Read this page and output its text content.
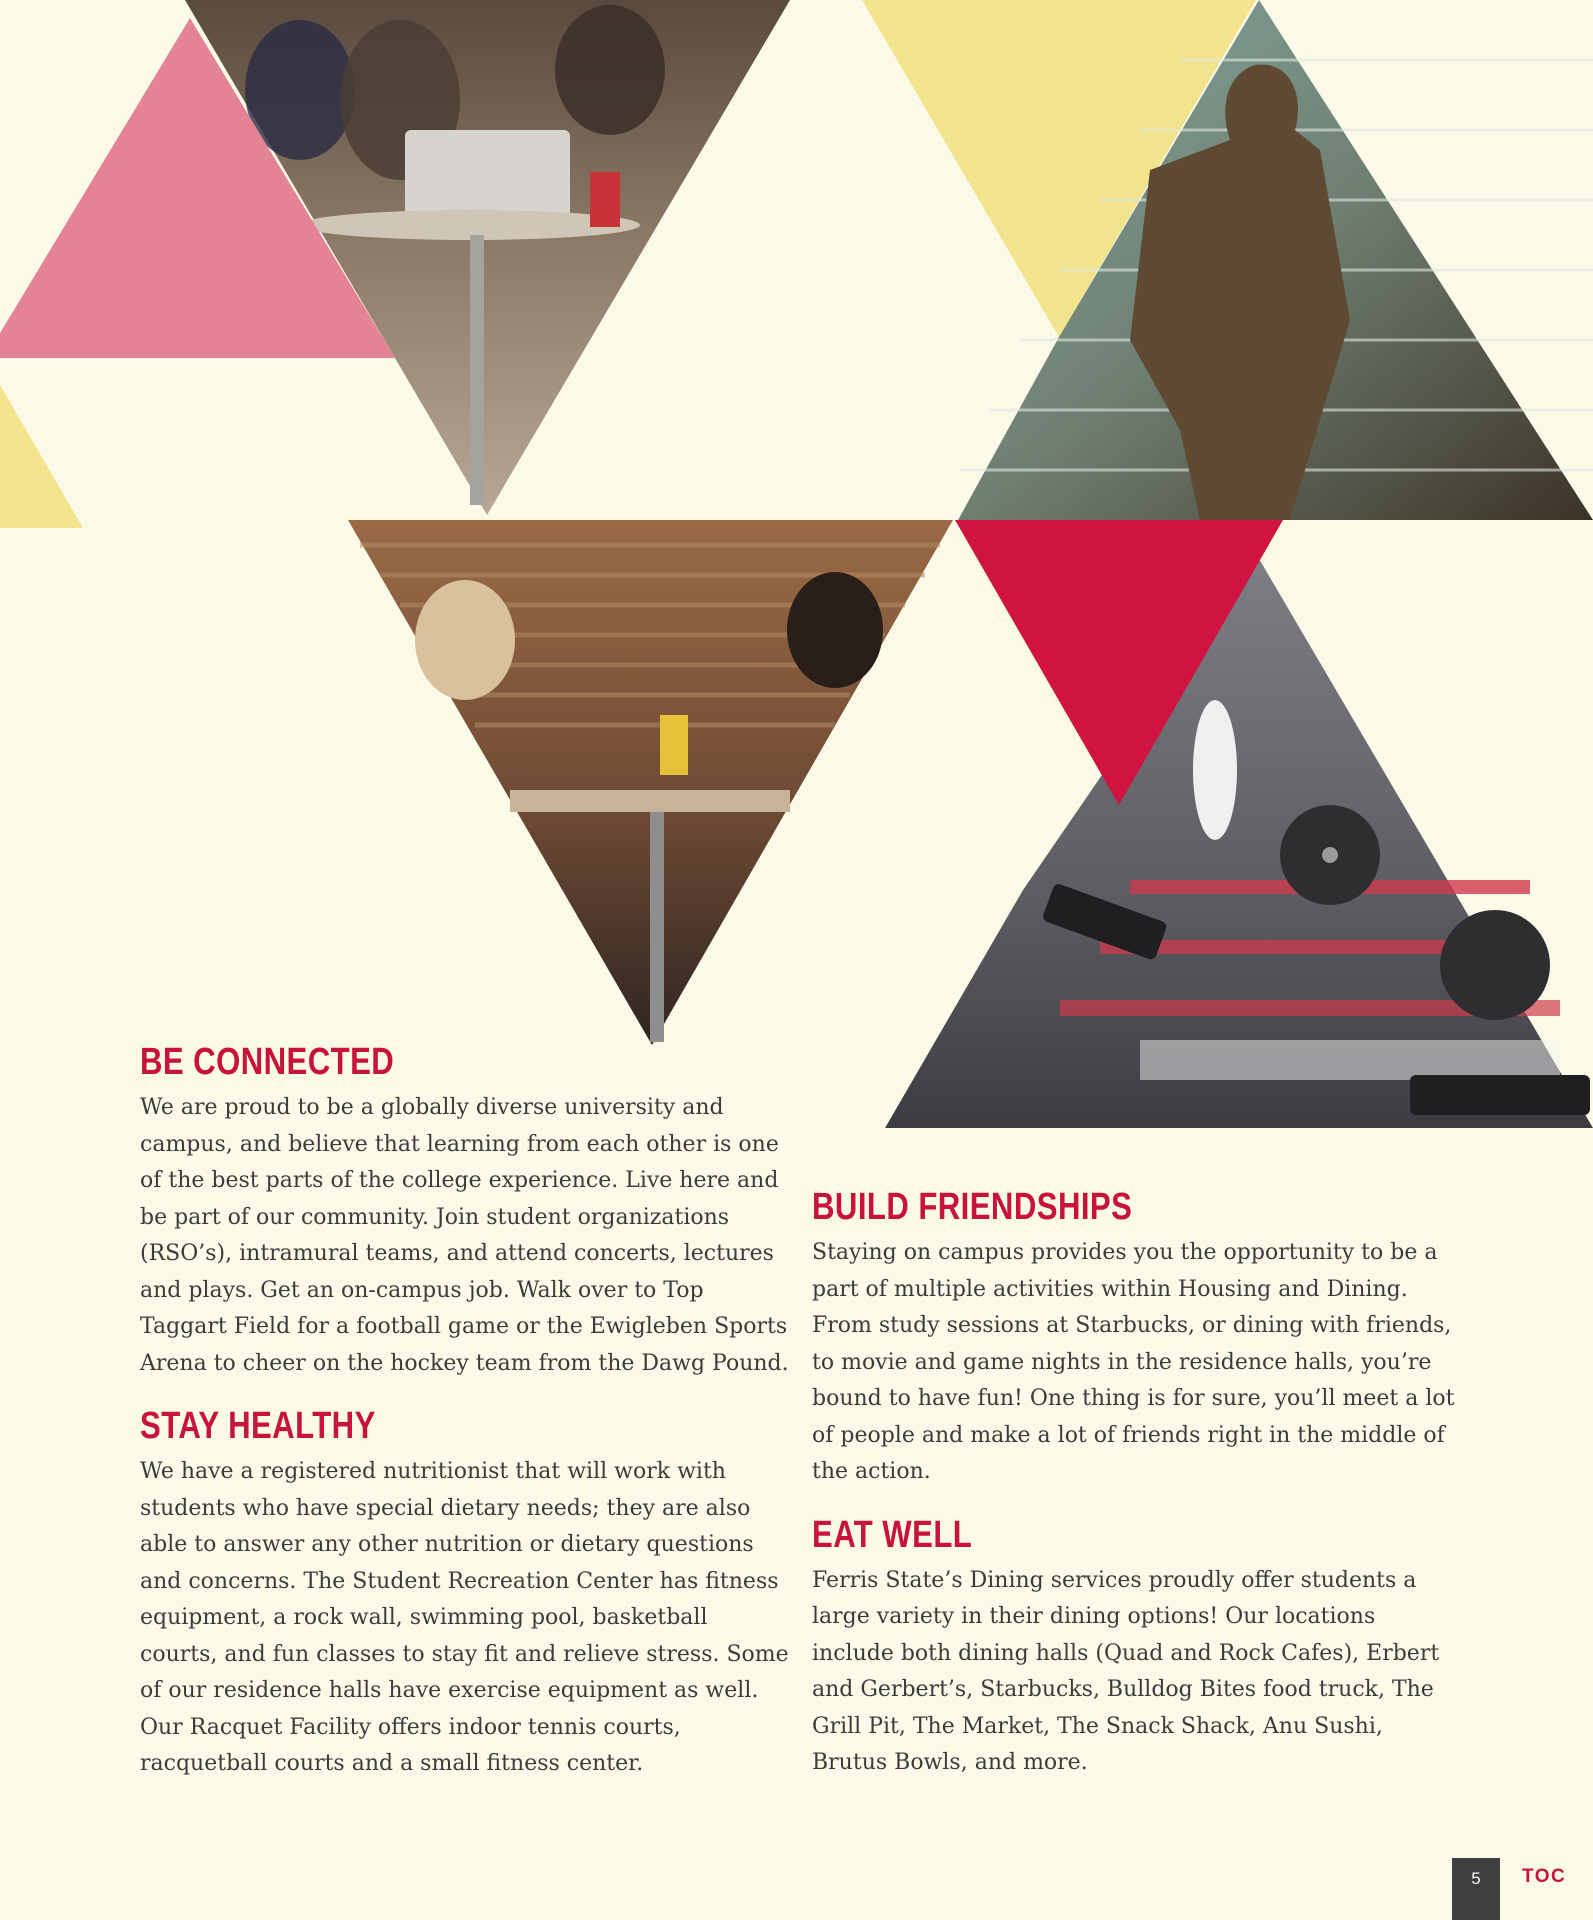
BE CONNECTED

We are proud to be a globally diverse university and campus, and believe that learning from each other is one of the best parts of the college experience. Live here and be part of our community. Join student organizations (RSO’s), intramural teams, and attend concerts, lectures and plays. Get an on-campus job. Walk over to Top Taggart Field for a football game or the Ewigleben Sports Arena to cheer on the hockey team from the Dawg Pound.

STAY HEALTHY

We have a registered nutritionist that will work with students who have special dietary needs; they are also able to answer any other nutrition or dietary questions and concerns. The Student Recreation Center has fitness equipment, a rock wall, swimming pool, basketball courts, and fun classes to stay fit and relieve stress. Some of our residence halls have exercise equipment as well. Our Racquet Facility offers indoor tennis courts, racquetball courts and a small fitness center.

BUILD FRIENDSHIPS

Staying on campus provides you the opportunity to be a part of multiple activities within Housing and Dining. From study sessions at Starbucks, or dining with friends, to movie and game nights in the residence halls, you’re bound to have fun! One thing is for sure, you’ll meet a lot of people and make a lot of friends right in the middle of the action.

EAT WELL

Ferris State’s Dining services proudly offer students a large variety in their dining options! Our locations include both dining halls (Quad and Rock Cafes), Erbert and Gerbert’s, Starbucks, Bulldog Bites food truck, The Grill Pit, The Market, The Snack Shack, Anu Sushi, Brutus Bowls, and more.

5	TOC
